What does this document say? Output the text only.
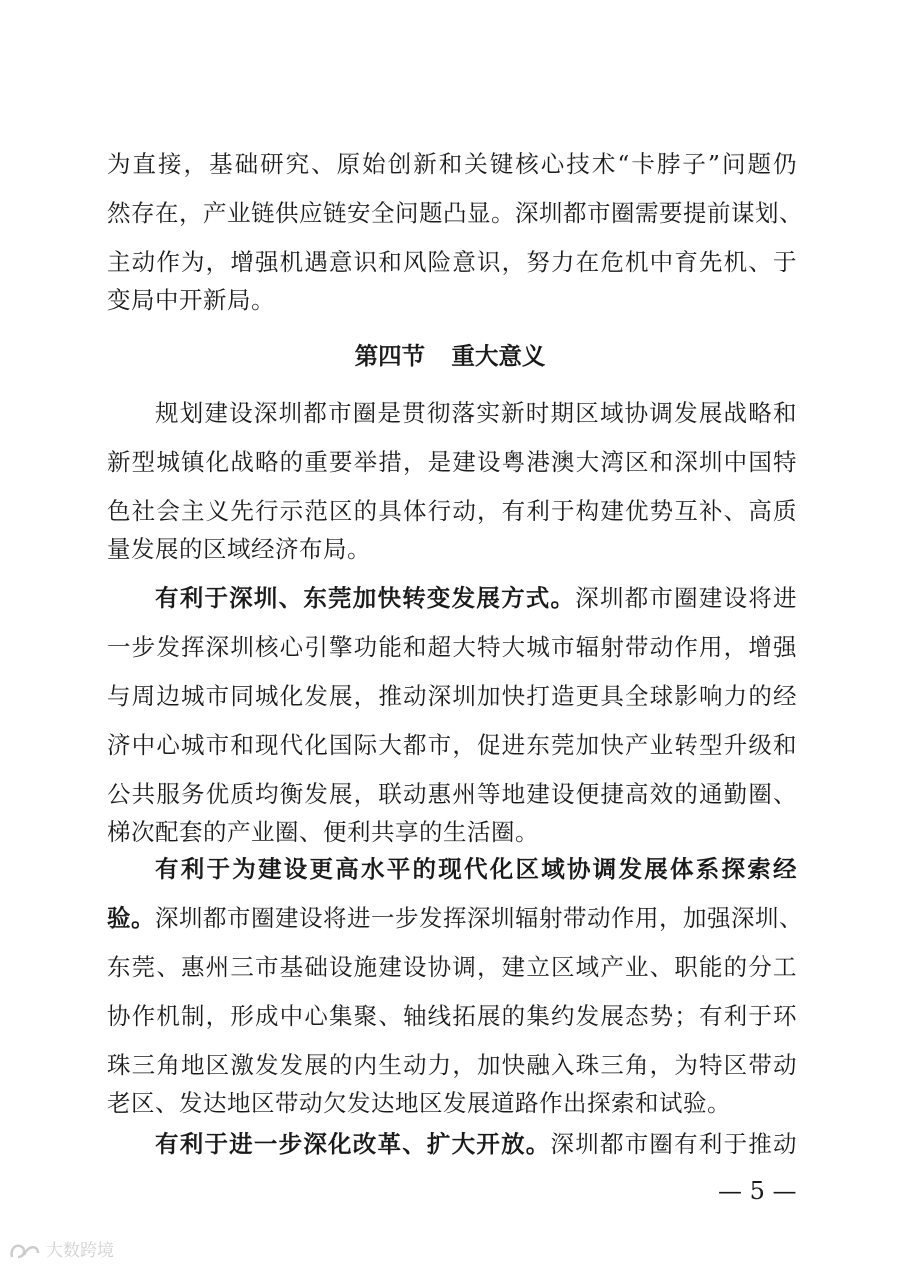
为直接，基础研究、原始创新和关键核心技术“卡脖子”问题仍
然存在，产业链供应链安全问题凸显。深圳都市圈需要提前谋划、
主动作为，增强机遇意识和风险意识，努力在危机中育先机、于
变局中开新局。
第四节 重大意义
规划建设深圳都市圈是贯彻落实新时期区域协调发展战略和
新型城镇化战略的重要举措，是建设粤港澳大湾区和深圳中国特
色社会主义先行示范区的具体行动，有利于构建优势互补、高质
量发展的区域经济布局。
有利于深圳、东莞加快转变发展方式。深圳都市圈建设将进
一步发挥深圳核心引擎功能和超大特大城市辐射带动作用，增强
与周边城市同城化发展，推动深圳加快打造更具全球影响力的经
济中心城市和现代化国际大都市，促进东莞加快产业转型升级和
公共服务优质均衡发展，联动惠州等地建设便捷高效的通勤圈、
梯次配套的产业圈、便利共享的生活圈。
有利于为建设更高水平的现代化区域协调发展体系探索经
验。深圳都市圈建设将进一步发挥深圳辐射带动作用，加强深圳、
东莞、惠州三市基础设施建设协调，建立区域产业、职能的分工
协作机制，形成中心集聚、轴线拓展的集约发展态势；有利于环
珠三角地区激发发展的内生动力，加快融入珠三角，为特区带动
老区、发达地区带动欠发达地区发展道路作出探索和试验。
有利于进一步深化改革、扩大开放。深圳都市圈有利于推动
— 5 —
大数跨境
